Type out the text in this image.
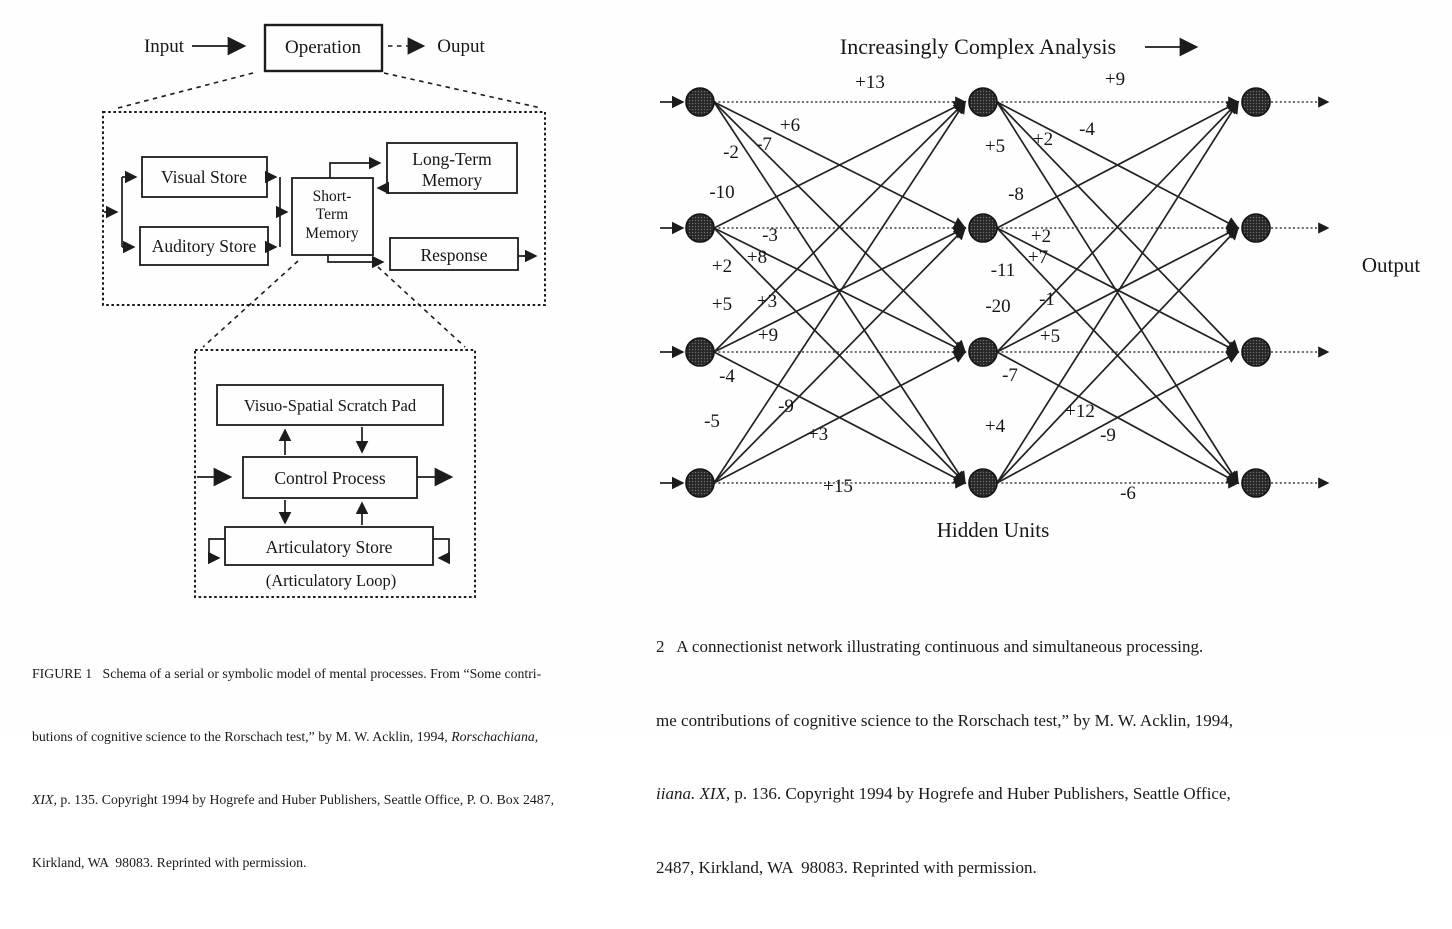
Input	Operation	Ouput
Visual Store
Auditory Store
Short-
Term
Memory
Long-Term
Memory
Response
Visuo-Spatial Scratch Pad
Control Process
Articulatory Store
(Articulatory Loop)
Increasingly Complex Analysis
Hidden Units
Output
+13
+6
-7
-2
-10
-3
+8
+2
+5 +3
+9
-4
-5
-9
+3
+15
+9
-4
+2
+5
-8
+2
+7
-11
-20 -1
+5
-7
+12
-9
+4
-6

FIGURE 1   Schema of a serial or symbolic model of mental processes. From “Some contri-

butions of cognitive science to the Rorschach test,” by M. W. Acklin, 1994, Rorschachiana,

XIX, p. 135. Copyright 1994 by Hogrefe and Huber Publishers, Seattle Office, P. O. Box 2487,

Kirkland, WA  98083. Reprinted with permission.

2   A connectionist network illustrating continuous and simultaneous processing.

me contributions of cognitive science to the Rorschach test,” by M. W. Acklin, 1994,

iiana. XIX, p. 136. Copyright 1994 by Hogrefe and Huber Publishers, Seattle Office,

2487, Kirkland, WA  98083. Reprinted with permission.
